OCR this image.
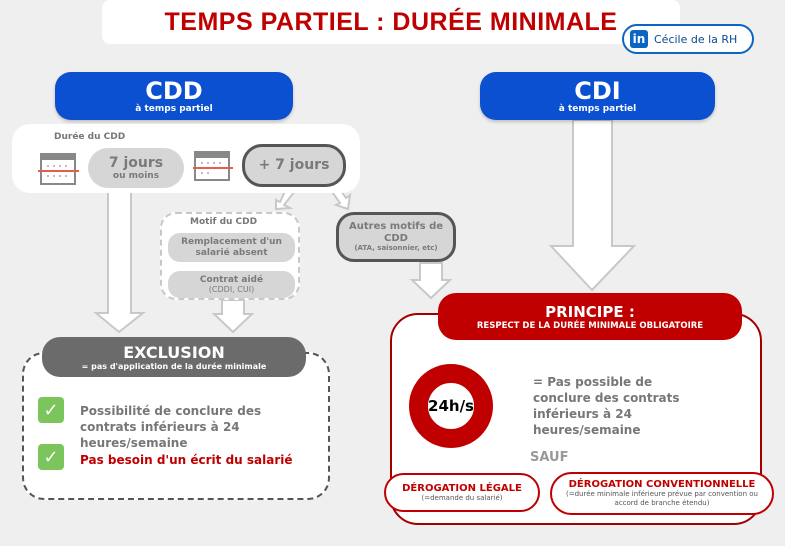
TEMPS PARTIEL : DURÉE MINIMALE
in Cécile de la RH
CDD
à temps partiel
CDI
à temps partiel
Durée du CDD
7 jours
ou moins
+ 7 jours
Motif du CDD
Remplacement d'un salarié absent
Contrat aidé
(CDDI, CUI)
Autres motifs de CDD
(ATA, saisonnier, etc)
EXCLUSION
= pas d'application de la durée minimale
✓	Possibilité de conclure des contrats inférieurs à 24 heures/semaine
✓	Pas besoin d'un écrit du salarié
PRINCIPE :
RESPECT DE LA DURÉE MINIMALE OBLIGATOIRE
24h/s
= Pas possible de conclure des contrats inférieurs à 24 heures/semaine
SAUF
DÉROGATION LÉGALE
(=demande du salarié)
DÉROGATION CONVENTIONNELLE
(=durée minimale inférieure prévue par convention ou accord de branche étendu)
